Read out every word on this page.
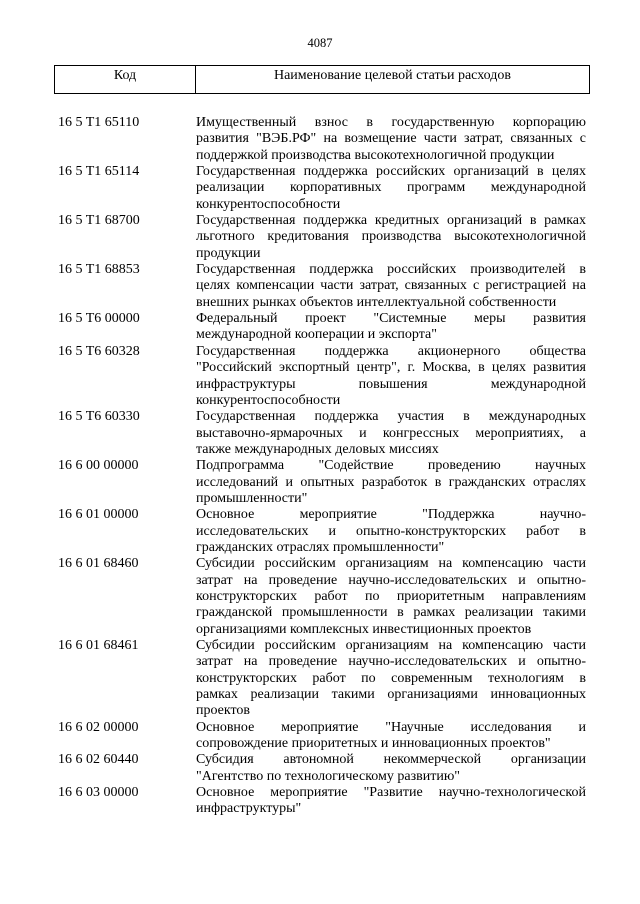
4087
Код	Наименование целевой статьи расходов
16 5 T1 65110	Имущественный взнос в государственную корпорацию
развития "ВЭБ.РФ" на возмещение части затрат, связанных с
поддержкой производства высокотехнологичной продукции
16 5 T1 65114	Государственная поддержка российских организаций в целях
реализации корпоративных программ международной
конкурентоспособности
16 5 T1 68700	Государственная поддержка кредитных организаций в рамках
льготного кредитования производства высокотехнологичной
продукции
16 5 T1 68853	Государственная поддержка российских производителей в
целях компенсации части затрат, связанных с регистрацией на
внешних рынках объектов интеллектуальной собственности
16 5 T6 00000	Федеральный проект "Системные меры развития
международной кооперации и экспорта"
16 5 T6 60328	Государственная поддержка акционерного общества
"Российский экспортный центр", г. Москва, в целях развития
инфраструктуры повышения международной
конкурентоспособности
16 5 T6 60330	Государственная поддержка участия в международных
выставочно-ярмарочных и конгрессных мероприятиях, а
также международных деловых миссиях
16 6 00 00000	Подпрограмма "Содействие проведению научных
исследований и опытных разработок в гражданских отраслях
промышленности"
16 6 01 00000	Основное мероприятие "Поддержка научно-
исследовательских и опытно-конструкторских работ в
гражданских отраслях промышленности"
16 6 01 68460	Субсидии российским организациям на компенсацию части
затрат на проведение научно-исследовательских и опытно-
конструкторских работ по приоритетным направлениям
гражданской промышленности в рамках реализации такими
организациями комплексных инвестиционных проектов
16 6 01 68461	Субсидии российским организациям на компенсацию части
затрат на проведение научно-исследовательских и опытно-
конструкторских работ по современным технологиям в
рамках реализации такими организациями инновационных
проектов
16 6 02 00000	Основное мероприятие "Научные исследования и
сопровождение приоритетных и инновационных проектов"
16 6 02 60440	Субсидия автономной некоммерческой организации
"Агентство по технологическому развитию"
16 6 03 00000	Основное мероприятие "Развитие научно-технологической
инфраструктуры"
